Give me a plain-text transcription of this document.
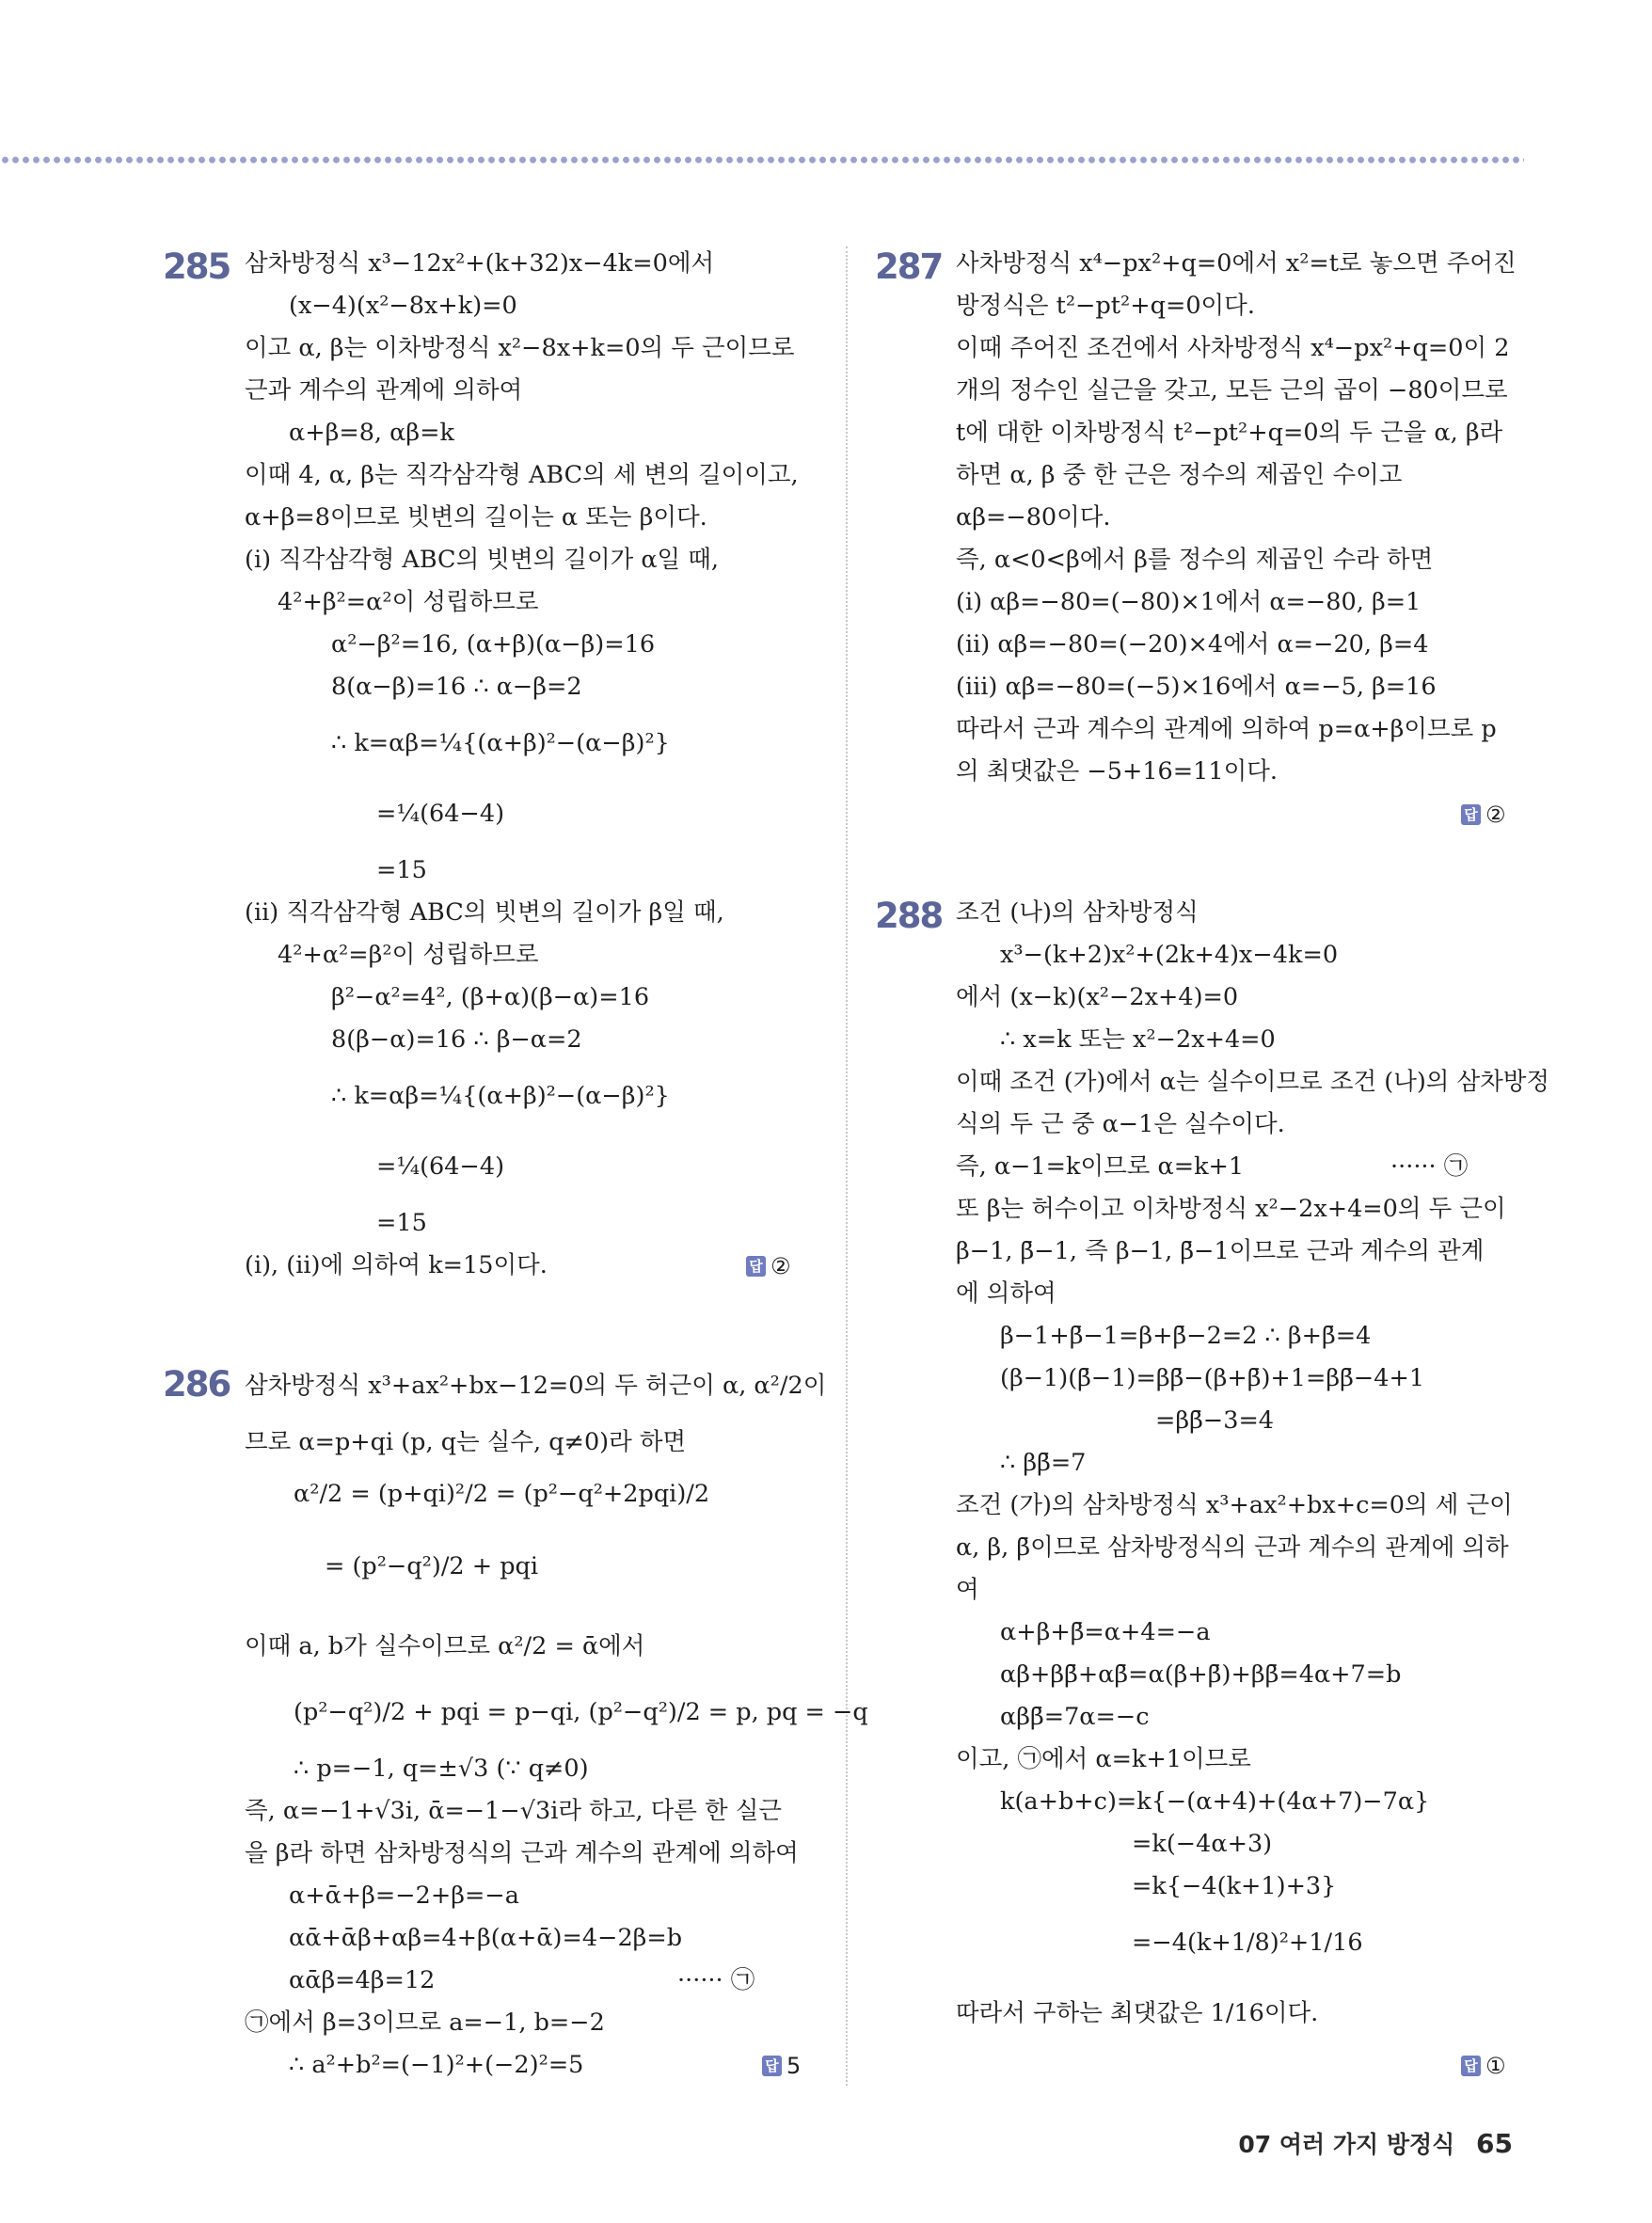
285 삼차방정식 x³−12x²+(k+32)x−4k=0에서
(x−4)(x²−8x+k)=0
이고 α, β는 이차방정식 x²−8x+k=0의 두 근이므로
근과 계수의 관계에 의하여
α+β=8, αβ=k
이때 4, α, β는 직각삼각형 ABC의 세 변의 길이이고,
α+β=8이므로 빗변의 길이는 α 또는 β이다.
(i) 직각삼각형 ABC의 빗변의 길이가 α일 때,
4²+β²=α²이 성립하므로
α²−β²=16, (α+β)(α−β)=16
8(α−β)=16 ∴ α−β=2
∴ k=αβ=¼{(α+β)²−(α−β)²}
=¼(64−4)
=15
(ii) 직각삼각형 ABC의 빗변의 길이가 β일 때,
4²+α²=β²이 성립하므로
β²−α²=4², (β+α)(β−α)=16
8(β−α)=16 ∴ β−α=2
∴ k=αβ=¼{(α+β)²−(α−β)²}
=¼(64−4)
=15
(i), (ii)에 의하여 k=15이다.	답 ②
286 삼차방정식 x³+ax²+bx−12=0의 두 허근이 α, α²/2이
므로 α=p+qi (p, q는 실수, q≠0)라 하면
α²/2 = (p+qi)²/2 = (p²−q²+2pqi)/2
= (p²−q²)/2 + pqi
이때 a, b가 실수이므로 α²/2 = ᾱ에서
(p²−q²)/2 + pqi = p−qi, (p²−q²)/2 = p, pq = −q
∴ p=−1, q=±√3 (∵ q≠0)
즉, α=−1+√3i, ᾱ=−1−√3i라 하고, 다른 한 실근
을 β라 하면 삼차방정식의 근과 계수의 관계에 의하여
α+ᾱ+β=−2+β=−a
αᾱ+ᾱβ+αβ=4+β(α+ᾱ)=4−2β=b
αᾱβ=4β=12	······ ㉠
㉠에서 β=3이므로 a=−1, b=−2
∴ a²+b²=(−1)²+(−2)²=5	답 5
287 사차방정식 x⁴−px²+q=0에서 x²=t로 놓으면 주어진
방정식은 t²−pt²+q=0이다.
이때 주어진 조건에서 사차방정식 x⁴−px²+q=0이 2
개의 정수인 실근을 갖고, 모든 근의 곱이 −80이므로
t에 대한 이차방정식 t²−pt²+q=0의 두 근을 α, β라
하면 α, β 중 한 근은 정수의 제곱인 수이고
αβ=−80이다.
즉, α<0<β에서 β를 정수의 제곱인 수라 하면
(i) αβ=−80=(−80)×1에서 α=−80, β=1
(ii) αβ=−80=(−20)×4에서 α=−20, β=4
(iii) αβ=−80=(−5)×16에서 α=−5, β=16
따라서 근과 계수의 관계에 의하여 p=α+β이므로 p
의 최댓값은 −5+16=11이다.
답 ②
288 조건 (나)의 삼차방정식
x³−(k+2)x²+(2k+4)x−4k=0
에서 (x−k)(x²−2x+4)=0
∴ x=k 또는 x²−2x+4=0
이때 조건 (가)에서 α는 실수이므로 조건 (나)의 삼차방정
식의 두 근 중 α−1은 실수이다.
즉, α−1=k이므로 α=k+1	······ ㉠
또 β는 허수이고 이차방정식 x²−2x+4=0의 두 근이
β−1, β̄−1, 즉 β−1, β̄−1이므로 근과 계수의 관계
에 의하여
β−1+β̄−1=β+β̄−2=2 ∴ β+β̄=4
(β−1)(β̄−1)=ββ̄−(β+β̄)+1=ββ̄−4+1
=ββ̄−3=4
∴ ββ̄=7
조건 (가)의 삼차방정식 x³+ax²+bx+c=0의 세 근이
α, β, β̄이므로 삼차방정식의 근과 계수의 관계에 의하
여
α+β+β̄=α+4=−a
αβ+ββ̄+αβ̄=α(β+β̄)+ββ̄=4α+7=b
αββ̄=7α=−c
이고, ㉠에서 α=k+1이므로
k(a+b+c)=k{−(α+4)+(4α+7)−7α}
=k(−4α+3)
=k{−4(k+1)+3}
=−4(k+1/8)²+1/16
따라서 구하는 최댓값은 1/16이다.
답 ①
07 여러 가지 방정식 65
